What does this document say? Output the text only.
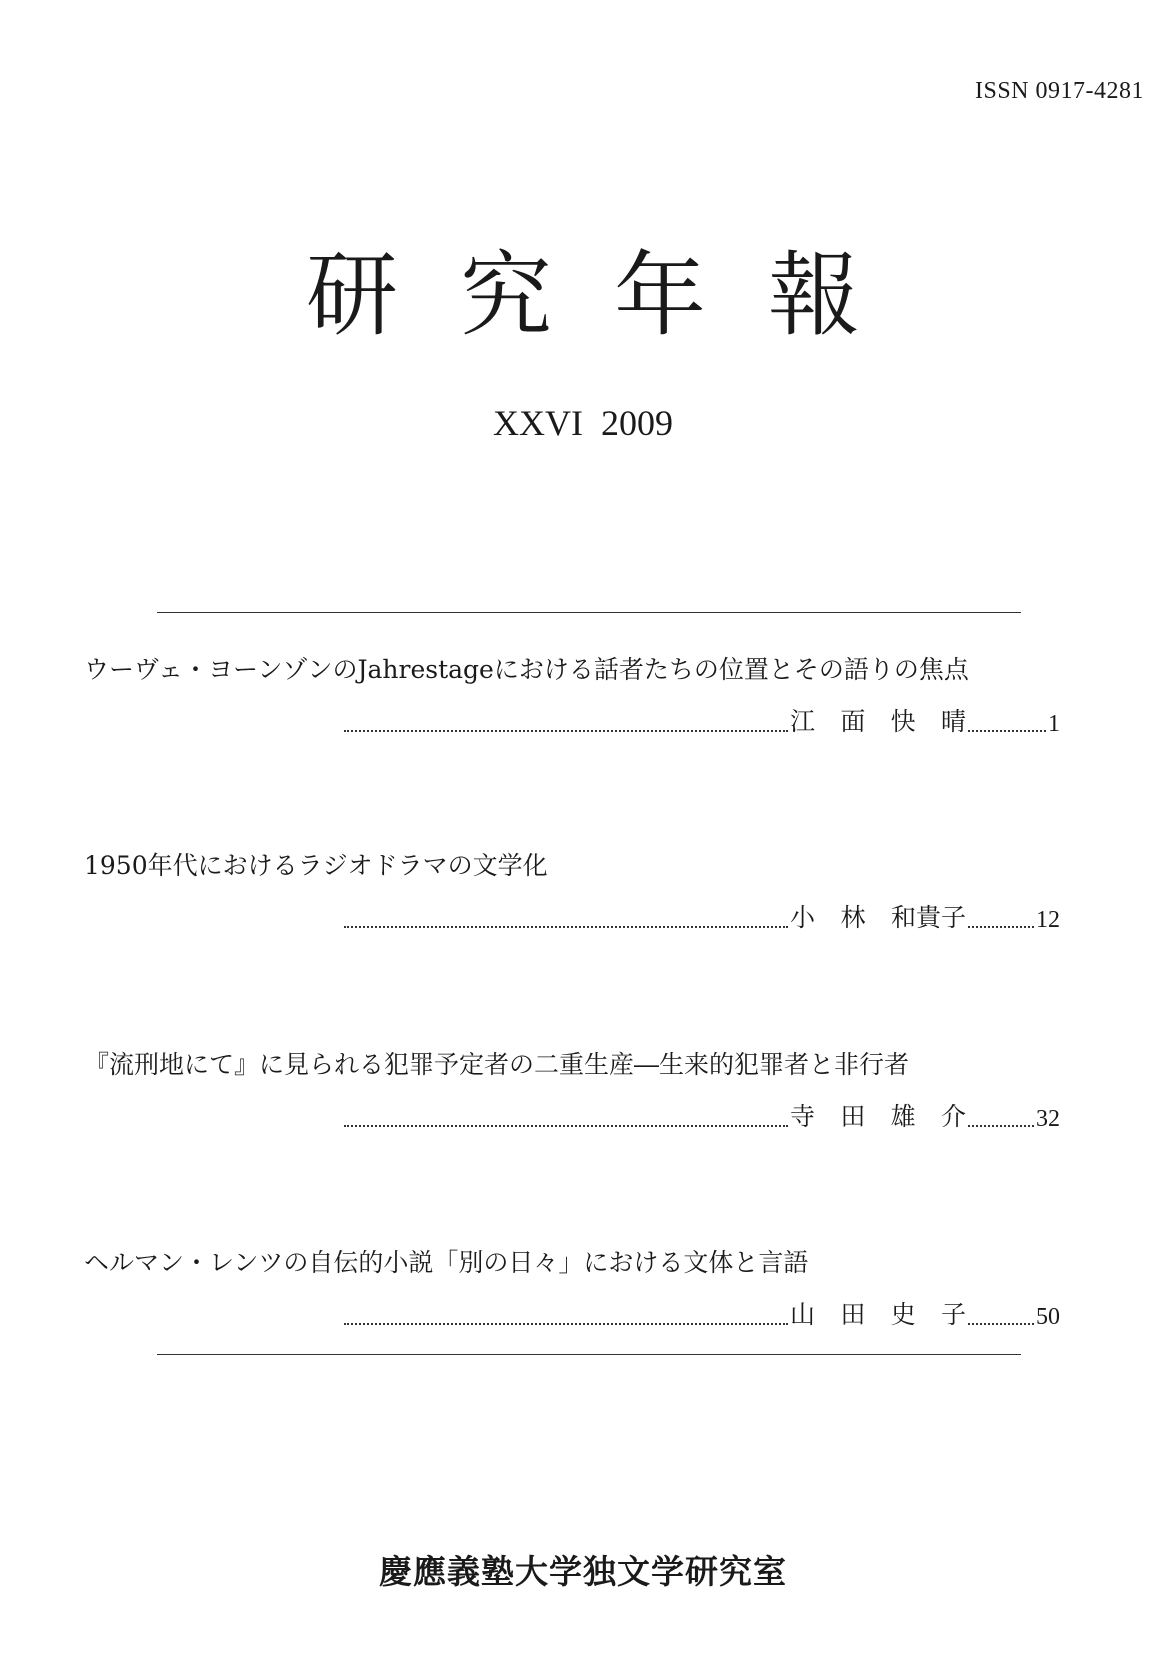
ISSN 0917-4281
研究年報
XXVI  2009
ウーヴェ・ヨーンゾンのJahrestageにおける話者たちの位置とその語りの焦点
江 面 快 晴	1
1950年代におけるラジオドラマの文学化
小 林 和貴子	12
『流刑地にて』に見られる犯罪予定者の二重生産―生来的犯罪者と非行者
寺 田 雄 介	32
ヘルマン・レンツの自伝的小説「別の日々」における文体と言語
山 田 史 子	50
慶應義塾大学独文学研究室
